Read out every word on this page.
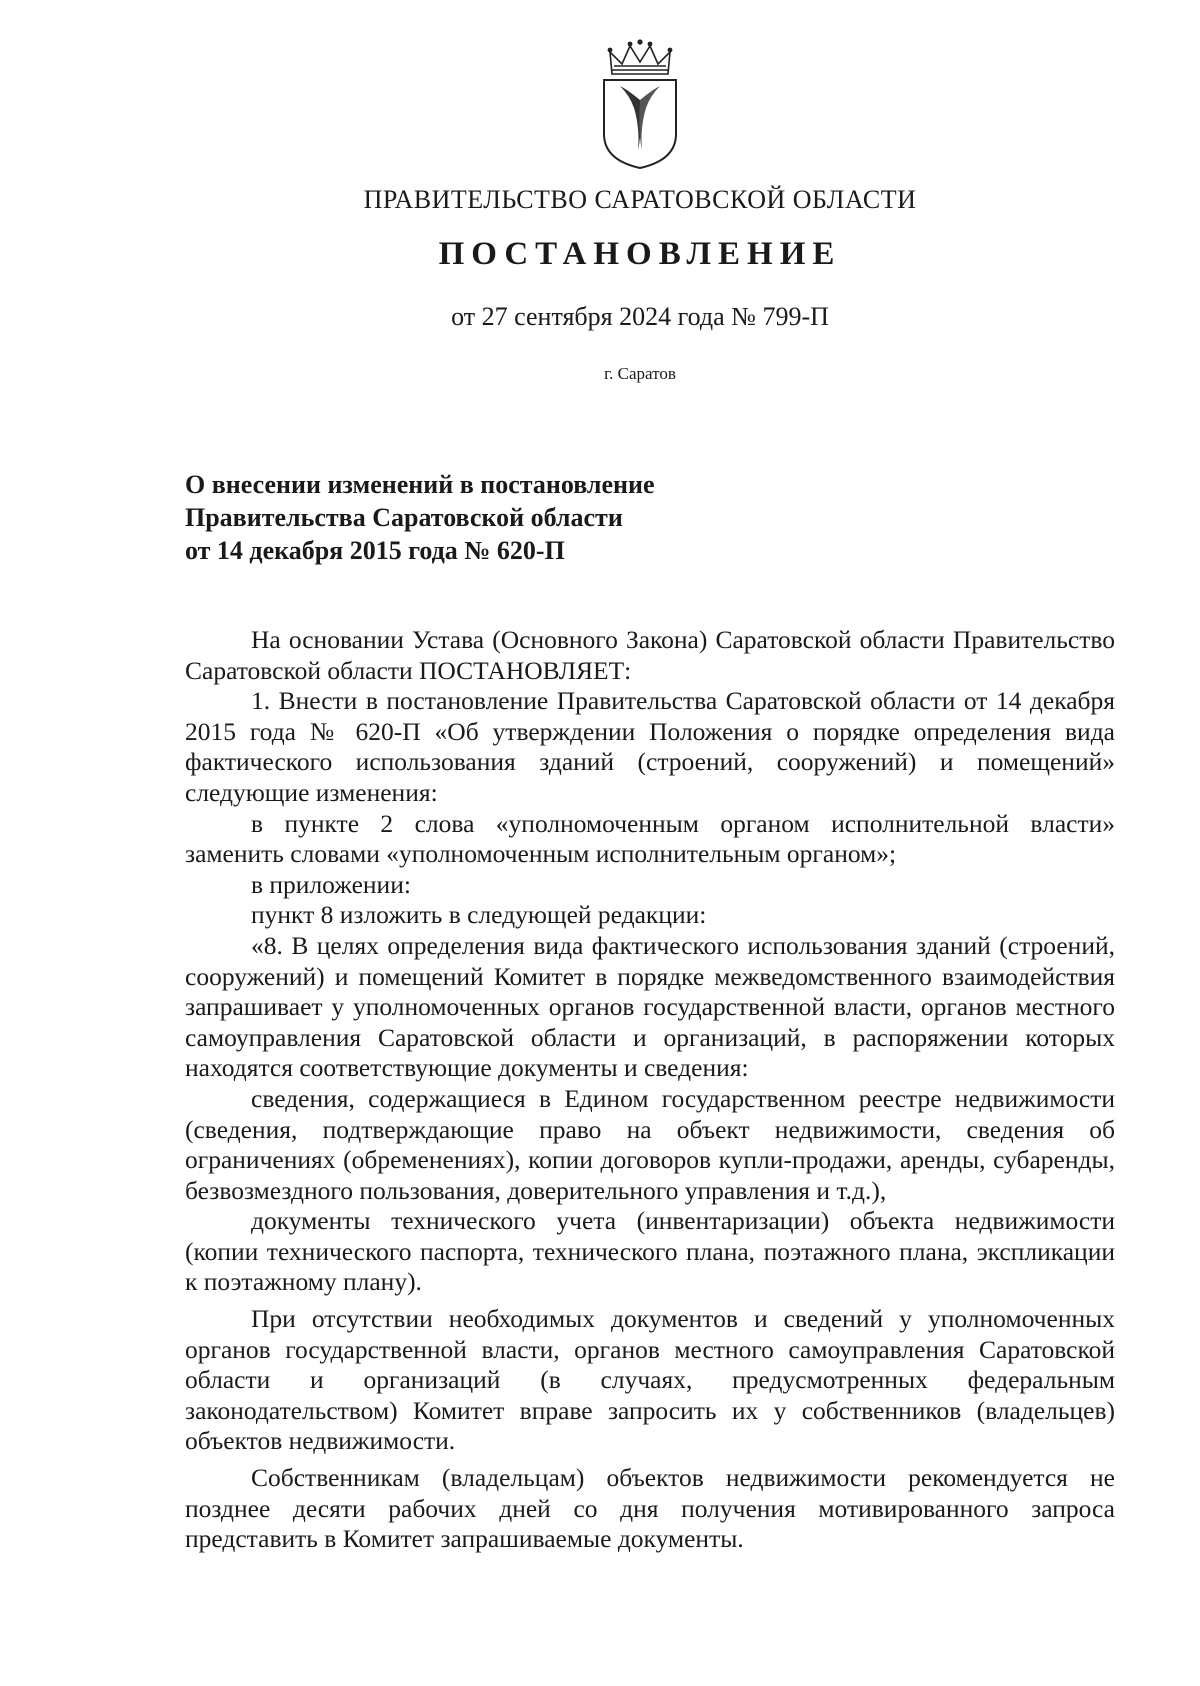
ПРАВИТЕЛЬСТВО САРАТОВСКОЙ ОБЛАСТИ
ПОСТАНОВЛЕНИЕ
от 27 сентября 2024 года № 799-П
г. Саратов
О внесении изменений в постановление
Правительства Саратовской области
от 14 декабря 2015 года № 620-П

На основании Устава (Основного Закона) Саратовской области Правительство Саратовской области ПОСТАНОВЛЯЕТ:

1. Внести в постановление Правительства Саратовской области от 14 декабря 2015 года № 620-П «Об утверждении Положения о порядке определения вида фактического использования зданий (строений, сооружений) и помещений» следующие изменения:

в пункте 2 слова «уполномоченным органом исполнительной власти» заменить словами «уполномоченным исполнительным органом»;

в приложении:

пункт 8 изложить в следующей редакции:

«8. В целях определения вида фактического использования зданий (строений, сооружений) и помещений Комитет в порядке межведомственного взаимодействия запрашивает у уполномоченных органов государственной власти, органов местного самоуправления Саратовской области и организаций, в распоряжении которых находятся соответствующие документы и сведения:

сведения, содержащиеся в Едином государственном реестре недвижимости (сведения, подтверждающие право на объект недвижимости, сведения об ограничениях (обременениях), копии договоров купли-продажи, аренды, субаренды, безвозмездного пользования, доверительного управления и т.д.),

документы технического учета (инвентаризации) объекта недвижимости (копии технического паспорта, технического плана, поэтажного плана, экспликации к поэтажному плану).

При отсутствии необходимых документов и сведений у уполномоченных органов государственной власти, органов местного самоуправления Саратовской области и организаций (в случаях, предусмотренных федеральным законодательством) Комитет вправе запросить их у собственников (владельцев) объектов недвижимости.

Собственникам (владельцам) объектов недвижимости рекомендуется не позднее десяти рабочих дней со дня получения мотивированного запроса представить в Комитет запрашиваемые документы.
